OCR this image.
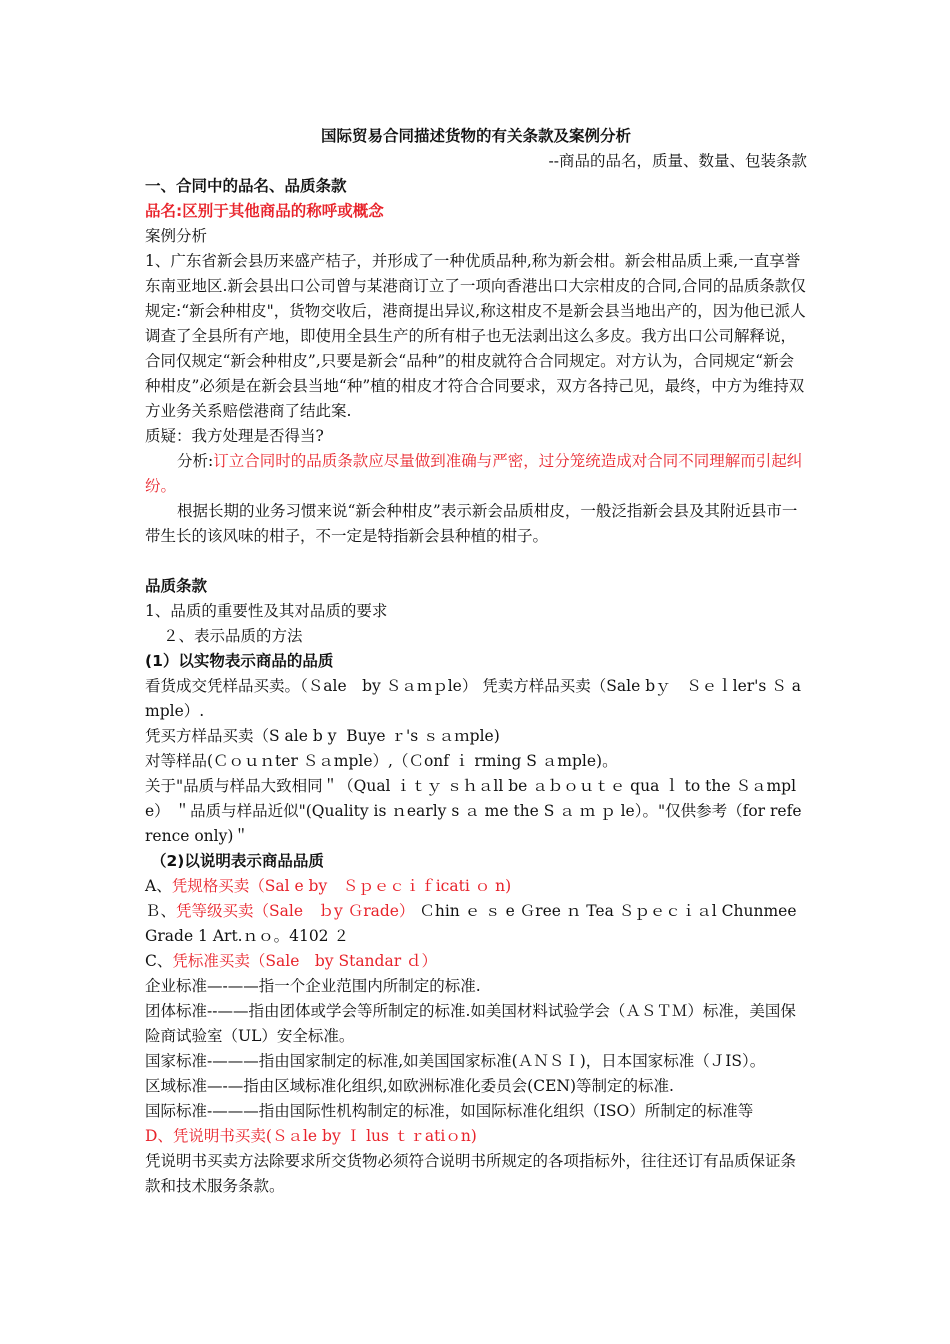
国际贸易合同描述货物的有关条款及案例分析
--商品的品名，质量、数量、包装条款
一、合同中的品名、品质条款
品名:区别于其他商品的称呼或概念
案例分析
1、广东省新会县历来盛产桔子，并形成了一种优质品种,称为新会柑。新会柑品质上乘,一直享誉东南亚地区.新会县出口公司曾与某港商订立了一项向香港出口大宗柑皮的合同,合同的品质条款仅规定:“新会种柑皮"，货物交收后，港商提出异议,称这柑皮不是新会县当地出产的，因为他已派人调查了全县所有产地，即使用全县生产的所有柑子也无法剥出这么多皮。我方出口公司解释说，合同仅规定“新会种柑皮”,只要是新会“品种”的柑皮就符合合同规定。对方认为，合同规定“新会种柑皮”必须是在新会县当地“种”植的柑皮才符合合同要求，双方各持己见，最终，中方为维持双方业务关系赔偿港商了结此案.
质疑：我方处理是否得当?
分析:订立合同时的品质条款应尽量做到准确与严密，过分笼统造成对合同不同理解而引起纠纷。
根据长期的业务习惯来说“新会种柑皮”表示新会品质柑皮，一般泛指新会县及其附近县市一带生长的该风味的柑子，不一定是特指新会县种植的柑子。
品质条款
1、品质的重要性及其对品质的要求
２、表示品质的方法
(1）以实物表示商品的品质
看货成交凭样品买卖。（Ｓale　by Ｓａｍｐle） 凭卖方样品买卖（Sale bｙ　Ｓｅｌler's Ｓ ample）.
凭买方样品买卖（S ale b y  Buye ｒ's ｓａｍple)
对等样品(Ｃｏｕｎter Ｓａmple）,（Ｃonf ｉ rming S ａmple)。
关于"品质与样品大致相同＂（Qual ｉｔｙ ｓｈａll be ａｂｏｕｔｅ qua ｌ to the Ｓａmple） ＂品质与样品近似"(Quality is ｎearly s ａ me the S ａ ｍ ｐ le）。"仅供参考（for reference only)＂
（2)以说明表示商品品质
A、凭规格买卖（Sal e by　Ｓｐｅｃｉｆicati ｏ n)
Ｂ、凭等级买卖（Sale　ｂy Ｇrade） Ｃhin ｅ ｓ e Ｇree ｎ Tea Ｓｐｅｃｉａl Chunmee Grade 1 Art.ｎｏ。4102 ２
C、凭标准买卖（Sale　by Standar ｄ）
企业标准—-——指一个企业范围内所制定的标准.
团体标准--——指由团体或学会等所制定的标准.如美国材料试验学会（ＡＳＴＭ）标准，美国保险商试验室（UL）安全标准。
国家标准-———指由国家制定的标准,如美国国家标准(ＡＮＳＩ)，日本国家标准（ＪIS）。
区域标准—-—指由区域标准化组织,如欧洲标准化委员会(CEN)等制定的标准.
国际标准-———指由国际性机构制定的标准，如国际标准化组织（ISO）所制定的标准等
D、凭说明书买卖(Ｓａle by Ｉ lus ｔｒatiｏn)
凭说明书买卖方法除要求所交货物必须符合说明书所规定的各项指标外，往往还订有品质保证条款和技术服务条款。
